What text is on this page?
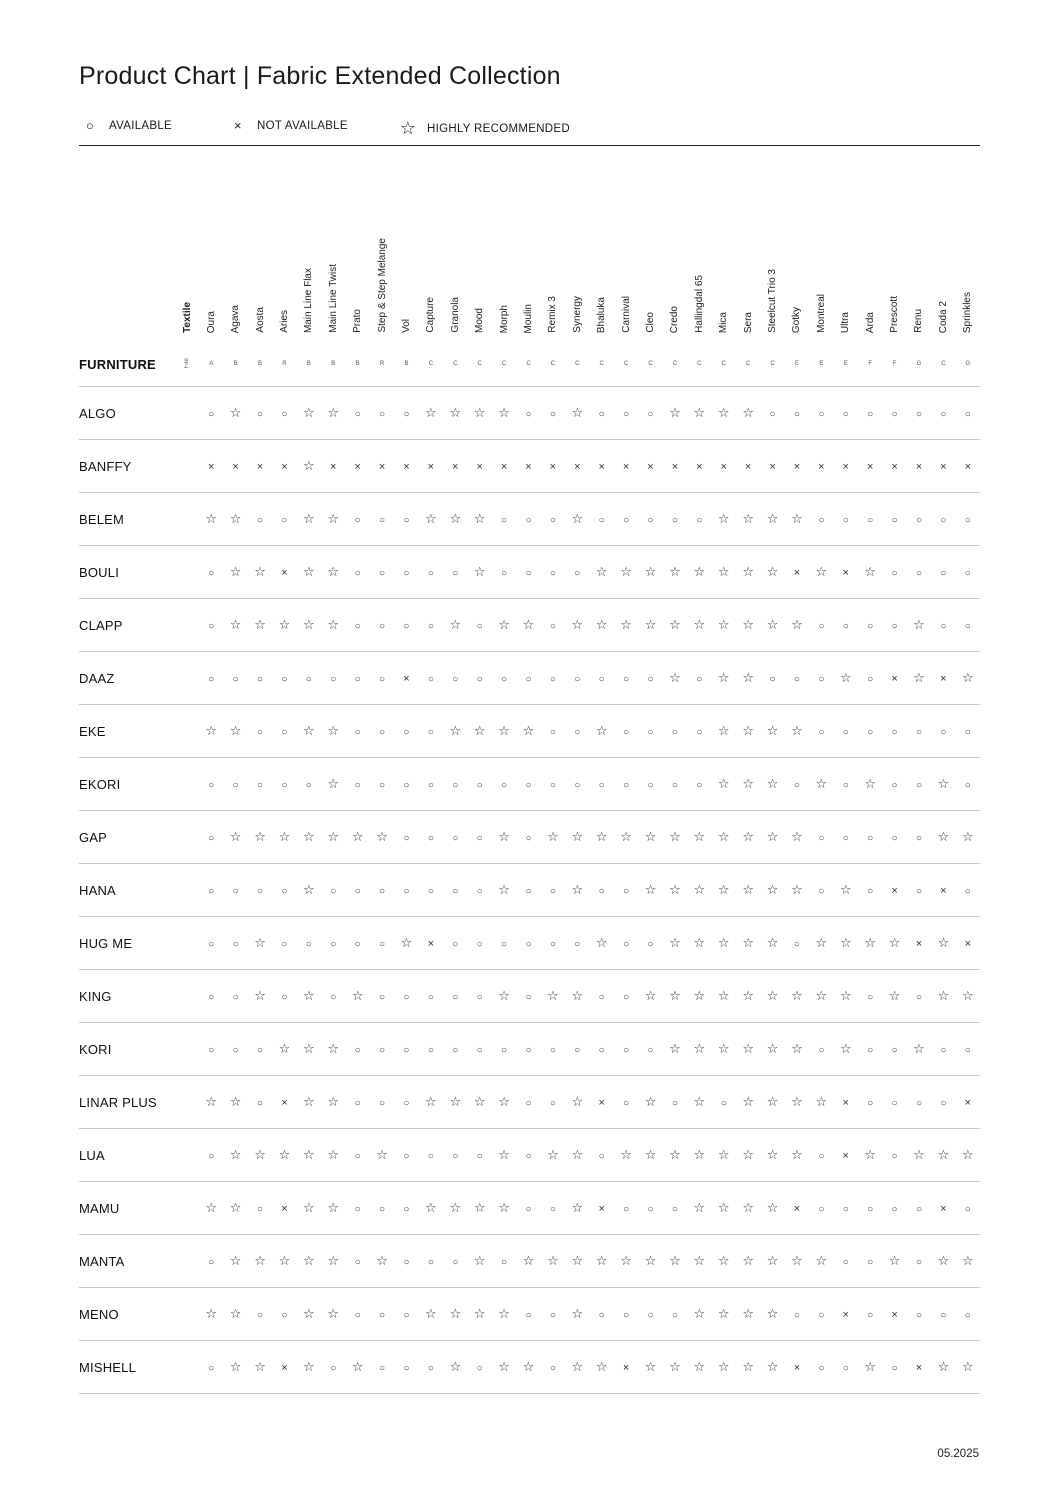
Product Chart | Fabric Extended Collection
○	AVAILABLE	×	NOT AVAILABLE	☆ HIGHLY RECOMMENDED
	Textile	Oura	Agava	Aosta	Aries	Main Line Flax	Main Line Twist	Prato	Step & Step Melange	Vol	Capture	Granola	Mood	Morph	Moulin	Remix 3	Synergy	Bhaluka	Carnival	Cleo	Credo	Hallingdal 65	Mica	Sera	Steelcut Trio 3	Gotky	Montreal	Ultra	Arda	Prescott	Renu	Coda 2	Sprinkles
FURNITURE	Fire	A	B	B	R	B	B	B	R	B	C	C	C	C	C	C	C	C	C	C	C	C	C	C	C	E	E	E	F	F	G	C	G
ALGO		○	☆	○	○	☆	☆	○	○	○	☆	☆	☆	☆	○	○	☆	○	○	○	☆	☆	☆	☆	○	○	○	○	○	○	○	○	○
BANFFY		×	×	×	×	☆	×	×	×	×	×	×	×	×	×	×	×	×	×	×	×	×	×	×	×	×	×	×	×	×	×	×	×
BELEM		☆	☆	○	○	☆	☆	○	○	○	☆	☆	☆	○	○	○	☆	○	○	○	○	○	☆	☆	☆	☆	○	○	○	○	○	○	○
BOULI		○	☆	☆	×	☆	☆	○	○	○	○	○	☆	○	○	○	○	☆	☆	☆	☆	☆	☆	☆	☆	×	☆	×	☆	○	○	○	○
CLAPP		○	☆	☆	☆	☆	☆	○	○	○	○	☆	○	☆	☆	○	☆	☆	☆	☆	☆	☆	☆	☆	☆	☆	○	○	○	○	☆	○	○
DAAZ		○	○	○	○	○	○	○	○	×	○	○	○	○	○	○	○	○	○	○	☆	○	☆	☆	○	○	○	☆	○	×	☆	×	☆
EKE		☆	☆	○	○	☆	☆	○	○	○	○	☆	☆	☆	☆	○	○	☆	○	○	○	○	☆	☆	☆	☆	○	○	○	○	○	○	○
EKORI		○	○	○	○	○	☆	○	○	○	○	○	○	○	○	○	○	○	○	○	○	○	☆	☆	☆	○	☆	○	☆	○	○	☆	○
GAP		○	☆	☆	☆	☆	☆	☆	☆	○	○	○	○	☆	○	☆	☆	☆	☆	☆	☆	☆	☆	☆	☆	☆	○	○	○	○	○	☆	☆
HANA		○	○	○	○	☆	○	○	○	○	○	○	○	☆	○	○	☆	○	○	☆	☆	☆	☆	☆	☆	☆	○	☆	○	×	○	×	○
HUG ME		○	○	☆	○	○	○	○	○	☆	×	○	○	○	○	○	○	☆	○	○	☆	☆	☆	☆	☆	○	☆	☆	☆	☆	×	☆	×
KING		○	○	☆	○	☆	○	☆	○	○	○	○	○	☆	○	☆	☆	○	○	☆	☆	☆	☆	☆	☆	☆	☆	☆	○	☆	○	☆	☆
KORI		○	○	○	☆	☆	☆	○	○	○	○	○	○	○	○	○	○	○	○	○	☆	☆	☆	☆	☆	☆	○	☆	○	○	☆	○	○
LINAR PLUS		☆	☆	○	×	☆	☆	○	○	○	☆	☆	☆	☆	○	○	☆	×	○	☆	○	☆	○	☆	☆	☆	☆	×	○	○	○	○	×
LUA		○	☆	☆	☆	☆	☆	○	☆	○	○	○	○	☆	○	☆	☆	○	☆	☆	☆	☆	☆	☆	☆	☆	○	×	☆	○	☆	☆	☆
MAMU		☆	☆	○	×	☆	☆	○	○	○	☆	☆	☆	☆	○	○	☆	×	○	○	○	☆	☆	☆	☆	×	○	○	○	○	○	×	○
MANTA		○	☆	☆	☆	☆	☆	○	☆	○	○	○	☆	○	☆	☆	☆	☆	☆	☆	☆	☆	☆	☆	☆	☆	☆	○	○	☆	○	☆	☆
MENO		☆	☆	○	○	☆	☆	○	○	○	☆	☆	☆	☆	○	○	☆	○	○	○	○	☆	☆	☆	☆	○	○	×	○	×	○	○	○
MISHELL		○	☆	☆	×	☆	○	☆	○	○	○	☆	○	☆	☆	○	☆	☆	×	☆	☆	☆	☆	☆	☆	×	○	○	☆	○	×	☆	☆
05.2025
